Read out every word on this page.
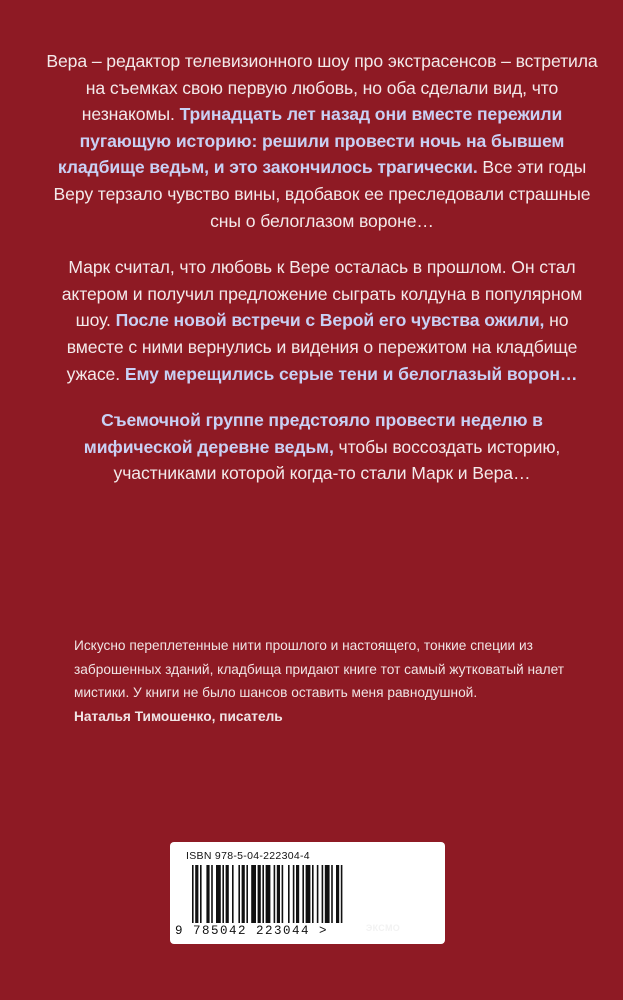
Вера – редактор телевизионного шоу про экстрасенсов – встретила на съемках свою первую любовь, но оба сделали вид, что незнакомы. Тринадцать лет назад они вместе пережили пугающую историю: решили провести ночь на бывшем кладбище ведьм, и это закончилось трагически. Все эти годы Веру терзало чувство вины, вдобавок ее преследовали страшные сны о белоглазом вороне…

Марк считал, что любовь к Вере осталась в прошлом. Он стал актером и получил предложение сыграть колдуна в популярном шоу. После новой встречи с Верой его чувства ожили, но вместе с ними вернулись и видения о пережитом на кладбище ужасе. Ему мерещились серые тени и белоглазый ворон…

Съемочной группе предстояло провести неделю в мифической деревне ведьм, чтобы воссоздать историю, участниками которой когда-то стали Марк и Вера…

Искусно переплетенные нити прошлого и настоящего, тонкие специи из заброшенных зданий, кладбища придают книге тот самый жутковатый налет мистики. У книги не было шансов оставить меня равнодушной.
Наталья Тимошенко, писатель
ISBN 978-5-04-222304-4
9 785042 223044 >	ЭКСМО
